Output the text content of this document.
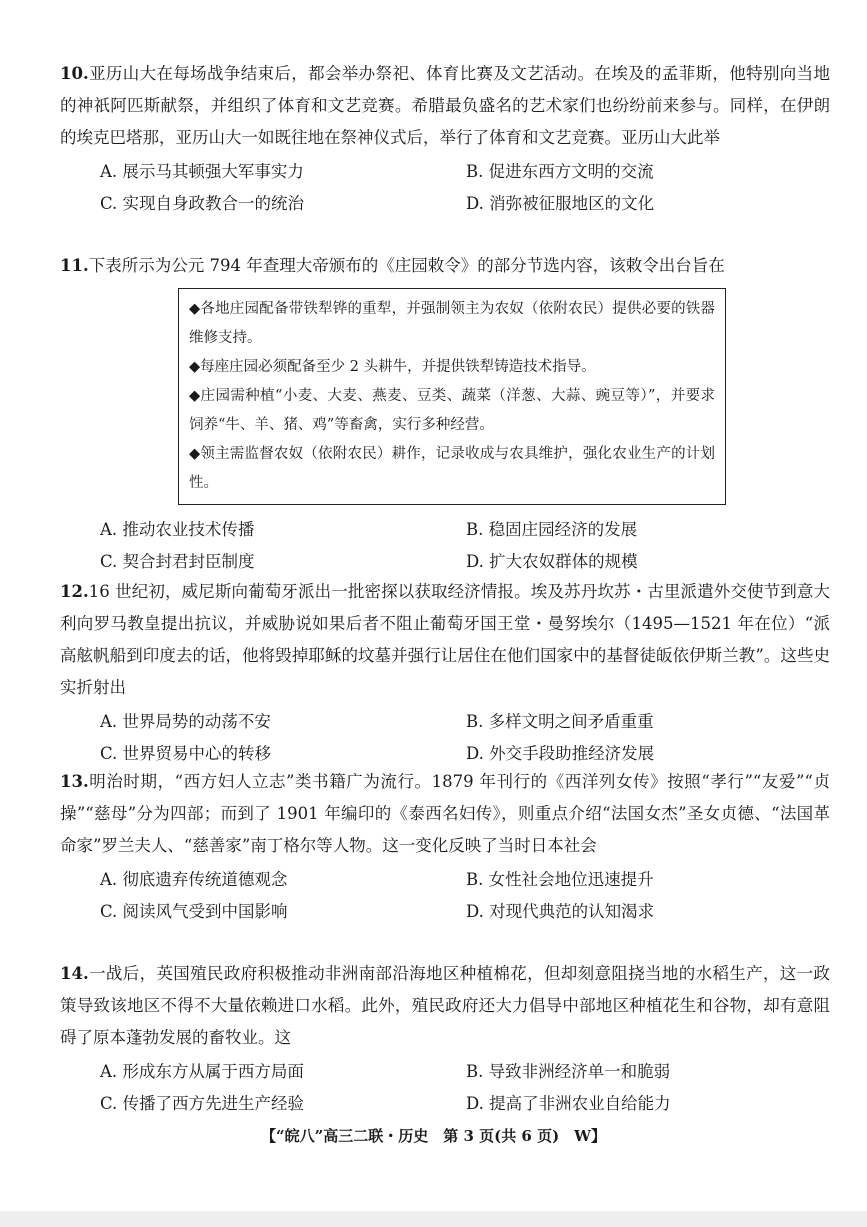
10.亚历山大在每场战争结束后，都会举办祭祀、体育比赛及文艺活动。在埃及的孟菲斯，他特别向当地的神祇阿匹斯献祭，并组织了体育和文艺竞赛。希腊最负盛名的艺术家们也纷纷前来参与。同样，在伊朗的埃克巴塔那，亚历山大一如既往地在祭神仪式后，举行了体育和文艺竞赛。亚历山大此举

A. 展示马其顿强大军事实力	B. 促进东西方文明的交流
C. 实现自身政教合一的统治	D. 消弥被征服地区的文化

11.下表所示为公元 794 年查理大帝颁布的《庄园敕令》的部分节选内容，该敕令出台旨在

◆各地庄园配备带铁犁铧的重犁，并强制领主为农奴（依附农民）提供必要的铁器维修支持。

◆每座庄园必须配备至少 2 头耕牛，并提供铁犁铸造技术指导。

◆庄园需种植“小麦、大麦、燕麦、豆类、蔬菜（洋葱、大蒜、豌豆等）”，并要求饲养“牛、羊、猪、鸡”等畜禽，实行多种经营。

◆领主需监督农奴（依附农民）耕作，记录收成与农具维护，强化农业生产的计划性。

A. 推动农业技术传播	B. 稳固庄园经济的发展
C. 契合封君封臣制度	D. 扩大农奴群体的规模

12.16 世纪初，威尼斯向葡萄牙派出一批密探以获取经济情报。埃及苏丹坎苏・古里派遣外交使节到意大利向罗马教皇提出抗议，并威胁说如果后者不阻止葡萄牙国王堂・曼努埃尔（1495—1521 年在位）“派高舷帆船到印度去的话，他将毁掉耶稣的坟墓并强行让居住在他们国家中的基督徒皈依伊斯兰教”。这些史实折射出

A. 世界局势的动荡不安	B. 多样文明之间矛盾重重
C. 世界贸易中心的转移	D. 外交手段助推经济发展

13.明治时期，“西方妇人立志”类书籍广为流行。1879 年刊行的《西洋列女传》按照“孝行”“友爱”“贞操”“慈母”分为四部；而到了 1901 年编印的《泰西名妇传》，则重点介绍“法国女杰”圣女贞德、“法国革命家”罗兰夫人、“慈善家”南丁格尔等人物。这一变化反映了当时日本社会

A. 彻底遗弃传统道德观念	B. 女性社会地位迅速提升
C. 阅读风气受到中国影响	D. 对现代典范的认知渴求

14.一战后，英国殖民政府积极推动非洲南部沿海地区种植棉花，但却刻意阻挠当地的水稻生产，这一政策导致该地区不得不大量依赖进口水稻。此外，殖民政府还大力倡导中部地区种植花生和谷物，却有意阻碍了原本蓬勃发展的畜牧业。这

A. 形成东方从属于西方局面	B. 导致非洲经济单一和脆弱
C. 传播了西方先进生产经验	D. 提高了非洲农业自给能力
【“皖八”高三二联・历史　第 3 页(共 6 页)　W】
